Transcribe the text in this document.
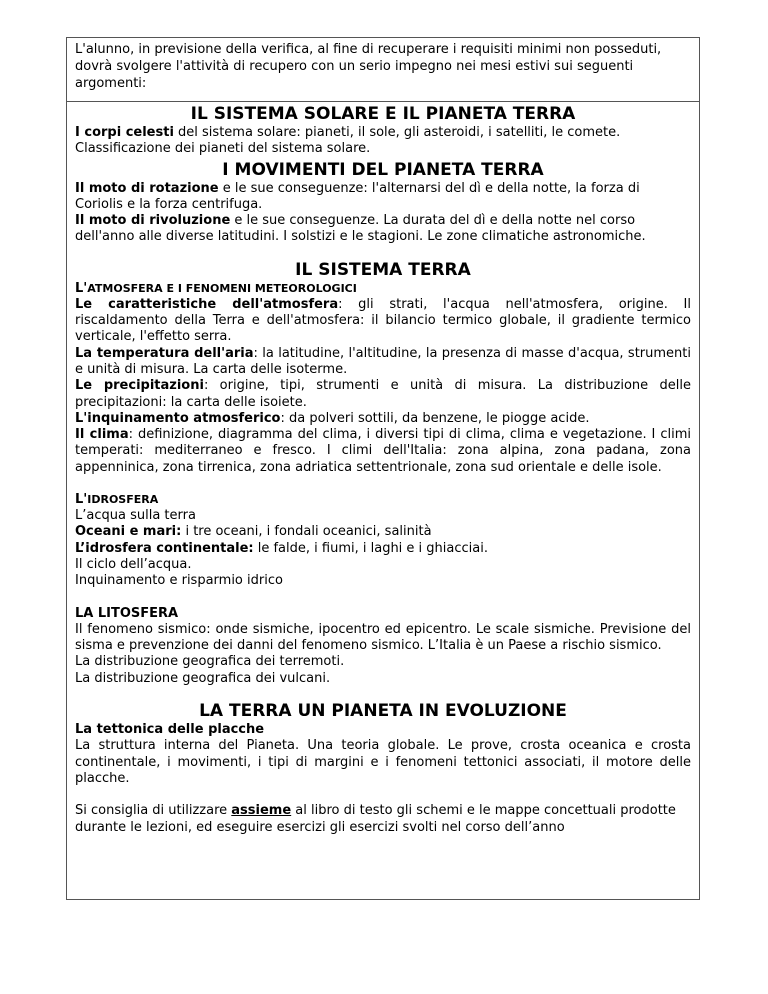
L'alunno, in previsione della verifica, al fine di recuperare i requisiti minimi non posseduti, dovrà svolgere l'attività di recupero con un serio impegno nei mesi estivi sui seguenti argomenti:
IL SISTEMA SOLARE E IL PIANETA TERRA

I corpi celesti del sistema solare: pianeti, il sole, gli asteroidi, i satelliti, le comete.

Classificazione dei pianeti del sistema solare.

I MOVIMENTI DEL PIANETA TERRA

Il moto di rotazione e le sue conseguenze: l'alternarsi del dì e della notte, la forza di Coriolis e la forza centrifuga.

Il moto di rivoluzione e le sue conseguenze. La durata del dì e della notte nel corso dell'anno alle diverse latitudini. I solstizi e le stagioni. Le zone climatiche astronomiche.

IL SISTEMA TERRA

L'ATMOSFERA E I FENOMENI METEOROLOGICI

Le caratteristiche dell'atmosfera: gli strati, l'acqua nell'atmosfera, origine. Il riscaldamento della Terra e dell'atmosfera: il bilancio termico globale, il gradiente termico verticale, l'effetto serra.

La temperatura dell'aria: la latitudine, l'altitudine, la presenza di masse d'acqua, strumenti e unità di misura. La carta delle isoterme.

Le precipitazioni: origine, tipi, strumenti e unità di misura. La distribuzione delle precipitazioni: la carta delle isoiete.

L'inquinamento atmosferico: da polveri sottili, da benzene, le piogge acide.

Il clima: definizione, diagramma del clima, i diversi tipi di clima, clima e vegetazione. I climi temperati: mediterraneo e fresco. I climi dell'Italia: zona alpina, zona padana, zona appenninica, zona tirrenica, zona adriatica settentrionale, zona sud orientale e delle isole.

L'IDROSFERA

L’acqua sulla terra

Oceani e mari: i tre oceani, i fondali oceanici, salinità

L’idrosfera continentale: le falde, i fiumi, i laghi e i ghiacciai.

Il ciclo dell’acqua.

Inquinamento e risparmio idrico

LA LITOSFERA

Il fenomeno sismico: onde sismiche, ipocentro ed epicentro. Le scale sismiche. Previsione del sisma e prevenzione dei danni del fenomeno sismico. L’Italia è un Paese a rischio sismico.

La distribuzione geografica dei terremoti.

La distribuzione geografica dei vulcani.

LA TERRA UN PIANETA IN EVOLUZIONE

La tettonica delle placche

La struttura interna del Pianeta. Una teoria globale. Le prove, crosta oceanica e crosta continentale, i movimenti, i tipi di margini e i fenomeni tettonici associati, il motore delle placche.

Si consiglia di utilizzare assieme al libro di testo gli schemi e le mappe concettuali prodotte durante le lezioni, ed eseguire esercizi gli esercizi svolti nel corso dell’anno
